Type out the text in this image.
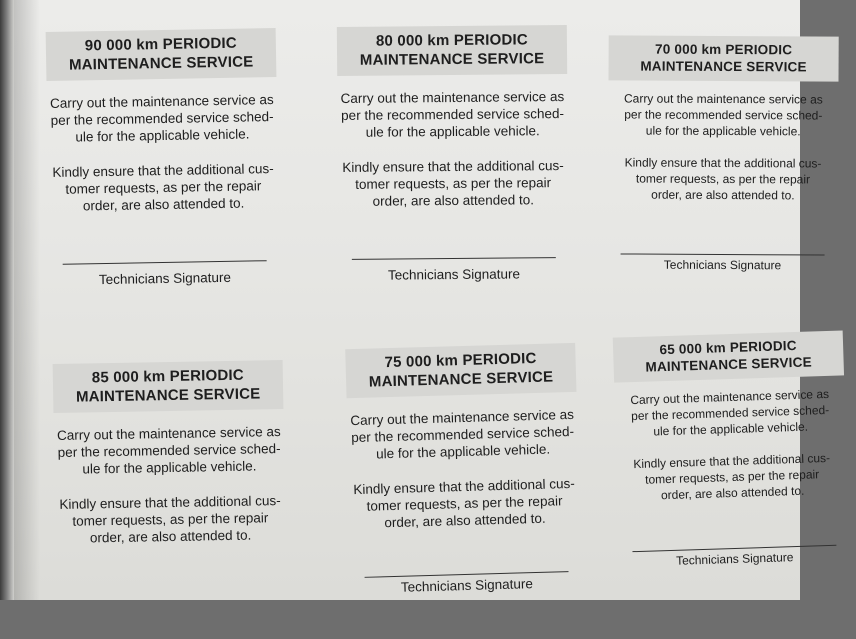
90 000 km PERIODIC
MAINTENANCE SERVICE
Carry out the maintenance service as
per the recommended service sched-
ule for the applicable vehicle.
Kindly ensure that the additional cus-
tomer requests, as per the repair
order, are also attended to.
Technicians Signature
80 000 km PERIODIC
MAINTENANCE SERVICE
Carry out the maintenance service as
per the recommended service sched-
ule for the applicable vehicle.
Kindly ensure that the additional cus-
tomer requests, as per the repair
order, are also attended to.
Technicians Signature
70 000 km PERIODIC
MAINTENANCE SERVICE
Carry out the maintenance service as
per the recommended service sched-
ule for the applicable vehicle.
Kindly ensure that the additional cus-
tomer requests, as per the repair
order, are also attended to.
Technicians Signature
85 000 km PERIODIC
MAINTENANCE SERVICE
Carry out the maintenance service as
per the recommended service sched-
ule for the applicable vehicle.
Kindly ensure that the additional cus-
tomer requests, as per the repair
order, are also attended to.
75 000 km PERIODIC
MAINTENANCE SERVICE
Carry out the maintenance service as
per the recommended service sched-
ule for the applicable vehicle.
Kindly ensure that the additional cus-
tomer requests, as per the repair
order, are also attended to.
Technicians Signature
65 000 km PERIODIC
MAINTENANCE SERVICE
Carry out the maintenance service as
per the recommended service sched-
ule for the applicable vehicle.
Kindly ensure that the additional cus-
tomer requests, as per the repair
order, are also attended to.
Technicians Signature
